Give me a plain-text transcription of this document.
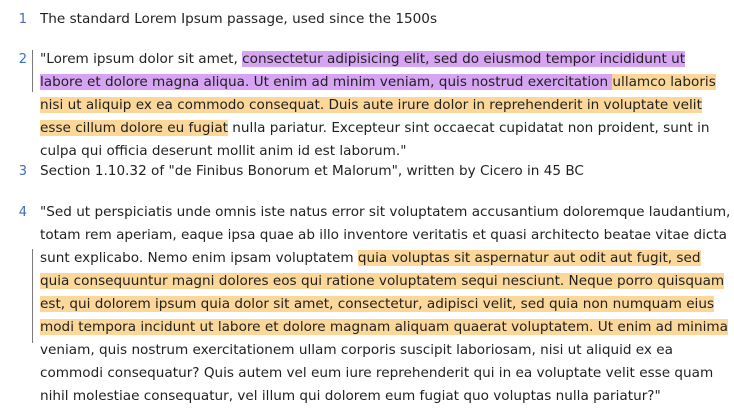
1 The standard Lorem Ipsum passage, used since the 1500s
2 "Lorem ipsum dolor sit amet, consectetur adipisicing elit, sed do eiusmod tempor incididunt ut labore et dolore magna aliqua. Ut enim ad minim veniam, quis nostrud exercitation ullamco laboris nisi ut aliquip ex ea commodo consequat. Duis aute irure dolor in reprehenderit in voluptate velit esse cillum dolore eu fugiat nulla pariatur. Excepteur sint occaecat cupidatat non proident, sunt in culpa qui officia deserunt mollit anim id est laborum."
3 Section 1.10.32 of "de Finibus Bonorum et Malorum", written by Cicero in 45 BC
4 "Sed ut perspiciatis unde omnis iste natus error sit voluptatem accusantium doloremque laudantium, totam rem aperiam, eaque ipsa quae ab illo inventore veritatis et quasi architecto beatae vitae dicta sunt explicabo. Nemo enim ipsam voluptatem quia voluptas sit aspernatur aut odit aut fugit, sed quia consequuntur magni dolores eos qui ratione voluptatem sequi nesciunt. Neque porro quisquam est, qui dolorem ipsum quia dolor sit amet, consectetur, adipisci velit, sed quia non numquam eius modi tempora incidunt ut labore et dolore magnam aliquam quaerat voluptatem. Ut enim ad minima veniam, quis nostrum exercitationem ullam corporis suscipit laboriosam, nisi ut aliquid ex ea commodi consequatur? Quis autem vel eum iure reprehenderit qui in ea voluptate velit esse quam nihil molestiae consequatur, vel illum qui dolorem eum fugiat quo voluptas nulla pariatur?"
